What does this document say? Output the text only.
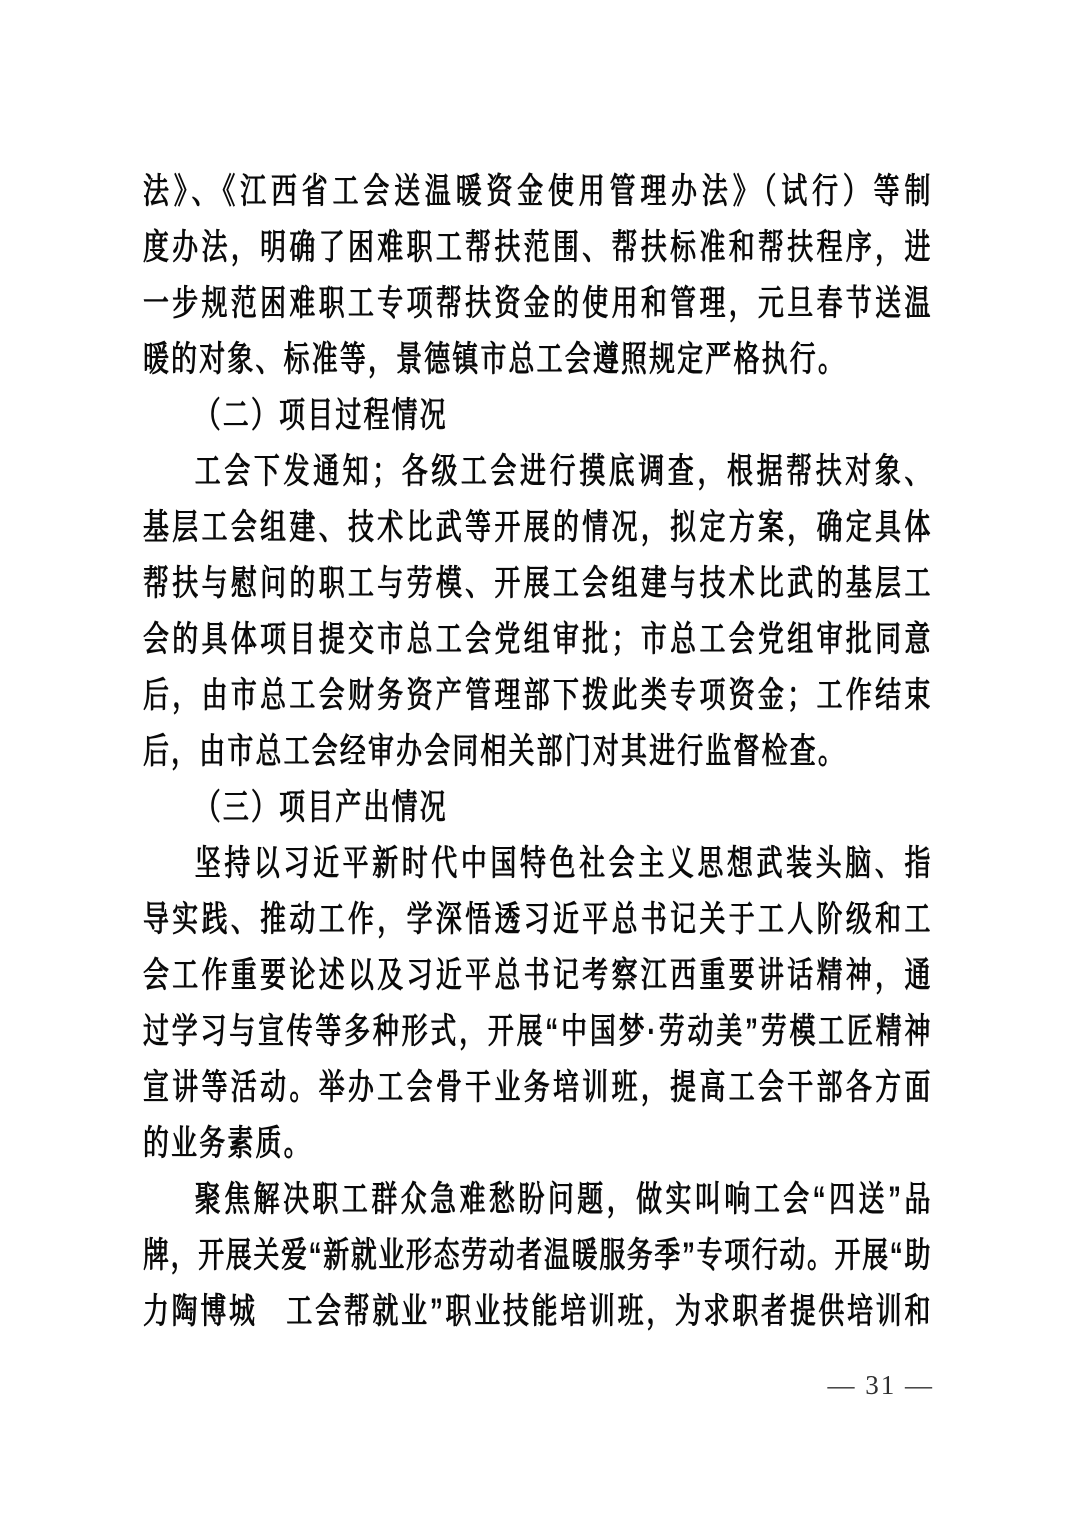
法》、《江西省工会送温暖资金使用管理办法》（试行）等制
度办法，明确了困难职工帮扶范围、帮扶标准和帮扶程序，进
一步规范困难职工专项帮扶资金的使用和管理，元旦春节送温
暖的对象、标准等，景德镇市总工会遵照规定严格执行。
（二）项目过程情况
工会下发通知；各级工会进行摸底调查，根据帮扶对象、
基层工会组建、技术比武等开展的情况，拟定方案，确定具体
帮扶与慰问的职工与劳模、开展工会组建与技术比武的基层工
会的具体项目提交市总工会党组审批；市总工会党组审批同意
后，由市总工会财务资产管理部下拨此类专项资金；工作结束
后，由市总工会经审办会同相关部门对其进行监督检查。
（三）项目产出情况
坚持以习近平新时代中国特色社会主义思想武装头脑、指
导实践、推动工作，学深悟透习近平总书记关于工人阶级和工
会工作重要论述以及习近平总书记考察江西重要讲话精神，通
过学习与宣传等多种形式，开展“中国梦·劳动美”劳模工匠精神
宣讲等活动。举办工会骨干业务培训班，提高工会干部各方面
的业务素质。
聚焦解决职工群众急难愁盼问题，做实叫响工会“四送”品
牌，开展关爱“新就业形态劳动者温暖服务季”专项行动。开展“助
力陶博城　工会帮就业”职业技能培训班，为求职者提供培训和
— 31 —
